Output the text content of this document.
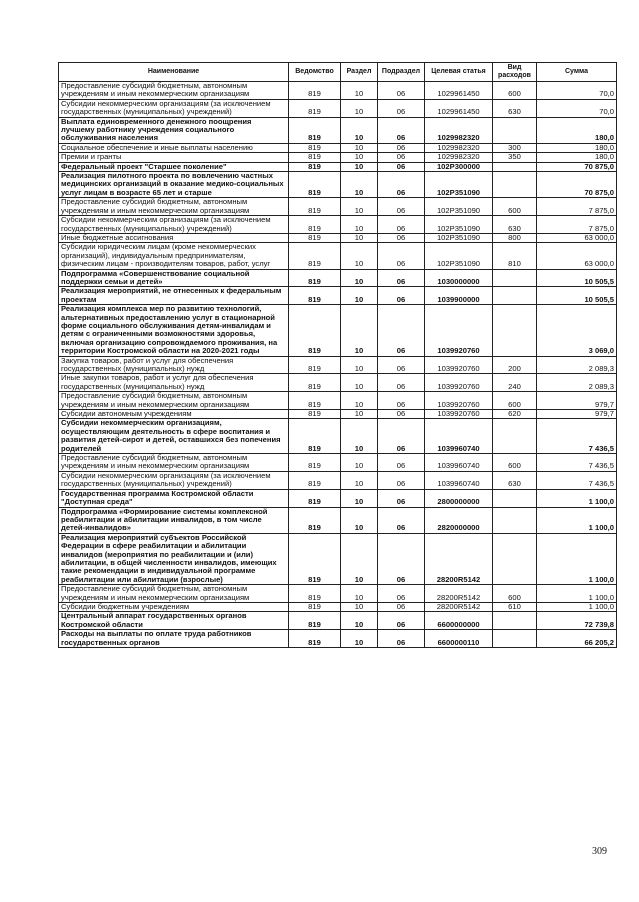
Наименование	Ведомство	Раздел	Подраздел	Целевая статья	Вид расходов	Сумма
Предоставление субсидий бюджетным, автономным учреждениям и иным некоммерческим организациям	819	10	06	1029961450	600	70,0
Субсидии некоммерческим организациям (за исключением государственных (муниципальных) учреждений)	819	10	06	1029961450	630	70,0
Выплата единовременного денежного поощрения лучшему работнику учреждения социального обслуживания населения	819	10	06	1029982320		180,0
Социальное обеспечение и иные выплаты населению	819	10	06	1029982320	300	180,0
Премии и гранты	819	10	06	1029982320	350	180,0
Федеральный проект "Старшее поколение"	819	10	06	102P300000		70 875,0
Реализация пилотного проекта по вовлечению частных медицинских организаций в оказание медико-социальных услуг лицам в возрасте 65 лет и старше	819	10	06	102P351090		70 875,0
Предоставление субсидий бюджетным, автономным учреждениям и иным некоммерческим организациям	819	10	06	102P351090	600	7 875,0
Субсидии некоммерческим организациям (за исключением государственных (муниципальных) учреждений)	819	10	06	102P351090	630	7 875,0
Иные бюджетные ассигнования	819	10	06	102P351090	800	63 000,0
Субсидии юридическим лицам (кроме некоммерческих организаций), индивидуальным предпринимателям, физическим лицам - производителям товаров, работ, услуг	819	10	06	102P351090	810	63 000,0
Подпрограмма «Совершенствование социальной поддержки семьи и детей»	819	10	06	1030000000		10 505,5
Реализация мероприятий, не отнесенных к федеральным проектам	819	10	06	1039900000		10 505,5
Реализация комплекса мер по развитию технологий, альтернативных предоставлению услуг в стационарной форме социального обслуживания детям-инвалидам и детям с ограниченными возможностями здоровья, включая организацию сопровождаемого проживания, на территории Костромской области на 2020-2021 годы	819	10	06	1039920760		3 069,0
Закупка товаров, работ и услуг для обеспечения государственных (муниципальных) нужд	819	10	06	1039920760	200	2 089,3
Иные закупки товаров, работ и услуг для обеспечения государственных (муниципальных) нужд	819	10	06	1039920760	240	2 089,3
Предоставление субсидий бюджетным, автономным учреждениям и иным некоммерческим организациям	819	10	06	1039920760	600	979,7
Субсидии автономным учреждениям	819	10	06	1039920760	620	979,7
Субсидии некоммерческим организациям, осуществляющим деятельность в сфере воспитания и развития детей-сирот и детей, оставшихся без попечения родителей	819	10	06	1039960740		7 436,5
Предоставление субсидий бюджетным, автономным учреждениям и иным некоммерческим организациям	819	10	06	1039960740	600	7 436,5
Субсидии некоммерческим организациям (за исключением государственных (муниципальных) учреждений)	819	10	06	1039960740	630	7 436,5
Государственная программа Костромской области "Доступная среда"	819	10	06	2800000000		1 100,0
Подпрограмма «Формирование системы комплексной реабилитации и абилитации инвалидов, в том числе детей-инвалидов»	819	10	06	2820000000		1 100,0
Реализация мероприятий субъектов Российской Федерации в сфере реабилитации и абилитации инвалидов (мероприятия по реабилитации и (или) абилитации, в общей численности инвалидов, имеющих такие рекомендации в индивидуальной программе реабилитации или абилитации (взрослые)	819	10	06	28200R5142		1 100,0
Предоставление субсидий бюджетным, автономным учреждениям и иным некоммерческим организациям	819	10	06	28200R5142	600	1 100,0
Субсидии бюджетным учреждениям	819	10	06	28200R5142	610	1 100,0
Центральный аппарат государственных органов Костромской области	819	10	06	6600000000		72 739,8
Расходы на выплаты по оплате труда работников государственных органов	819	10	06	6600000110		66 205,2
309
